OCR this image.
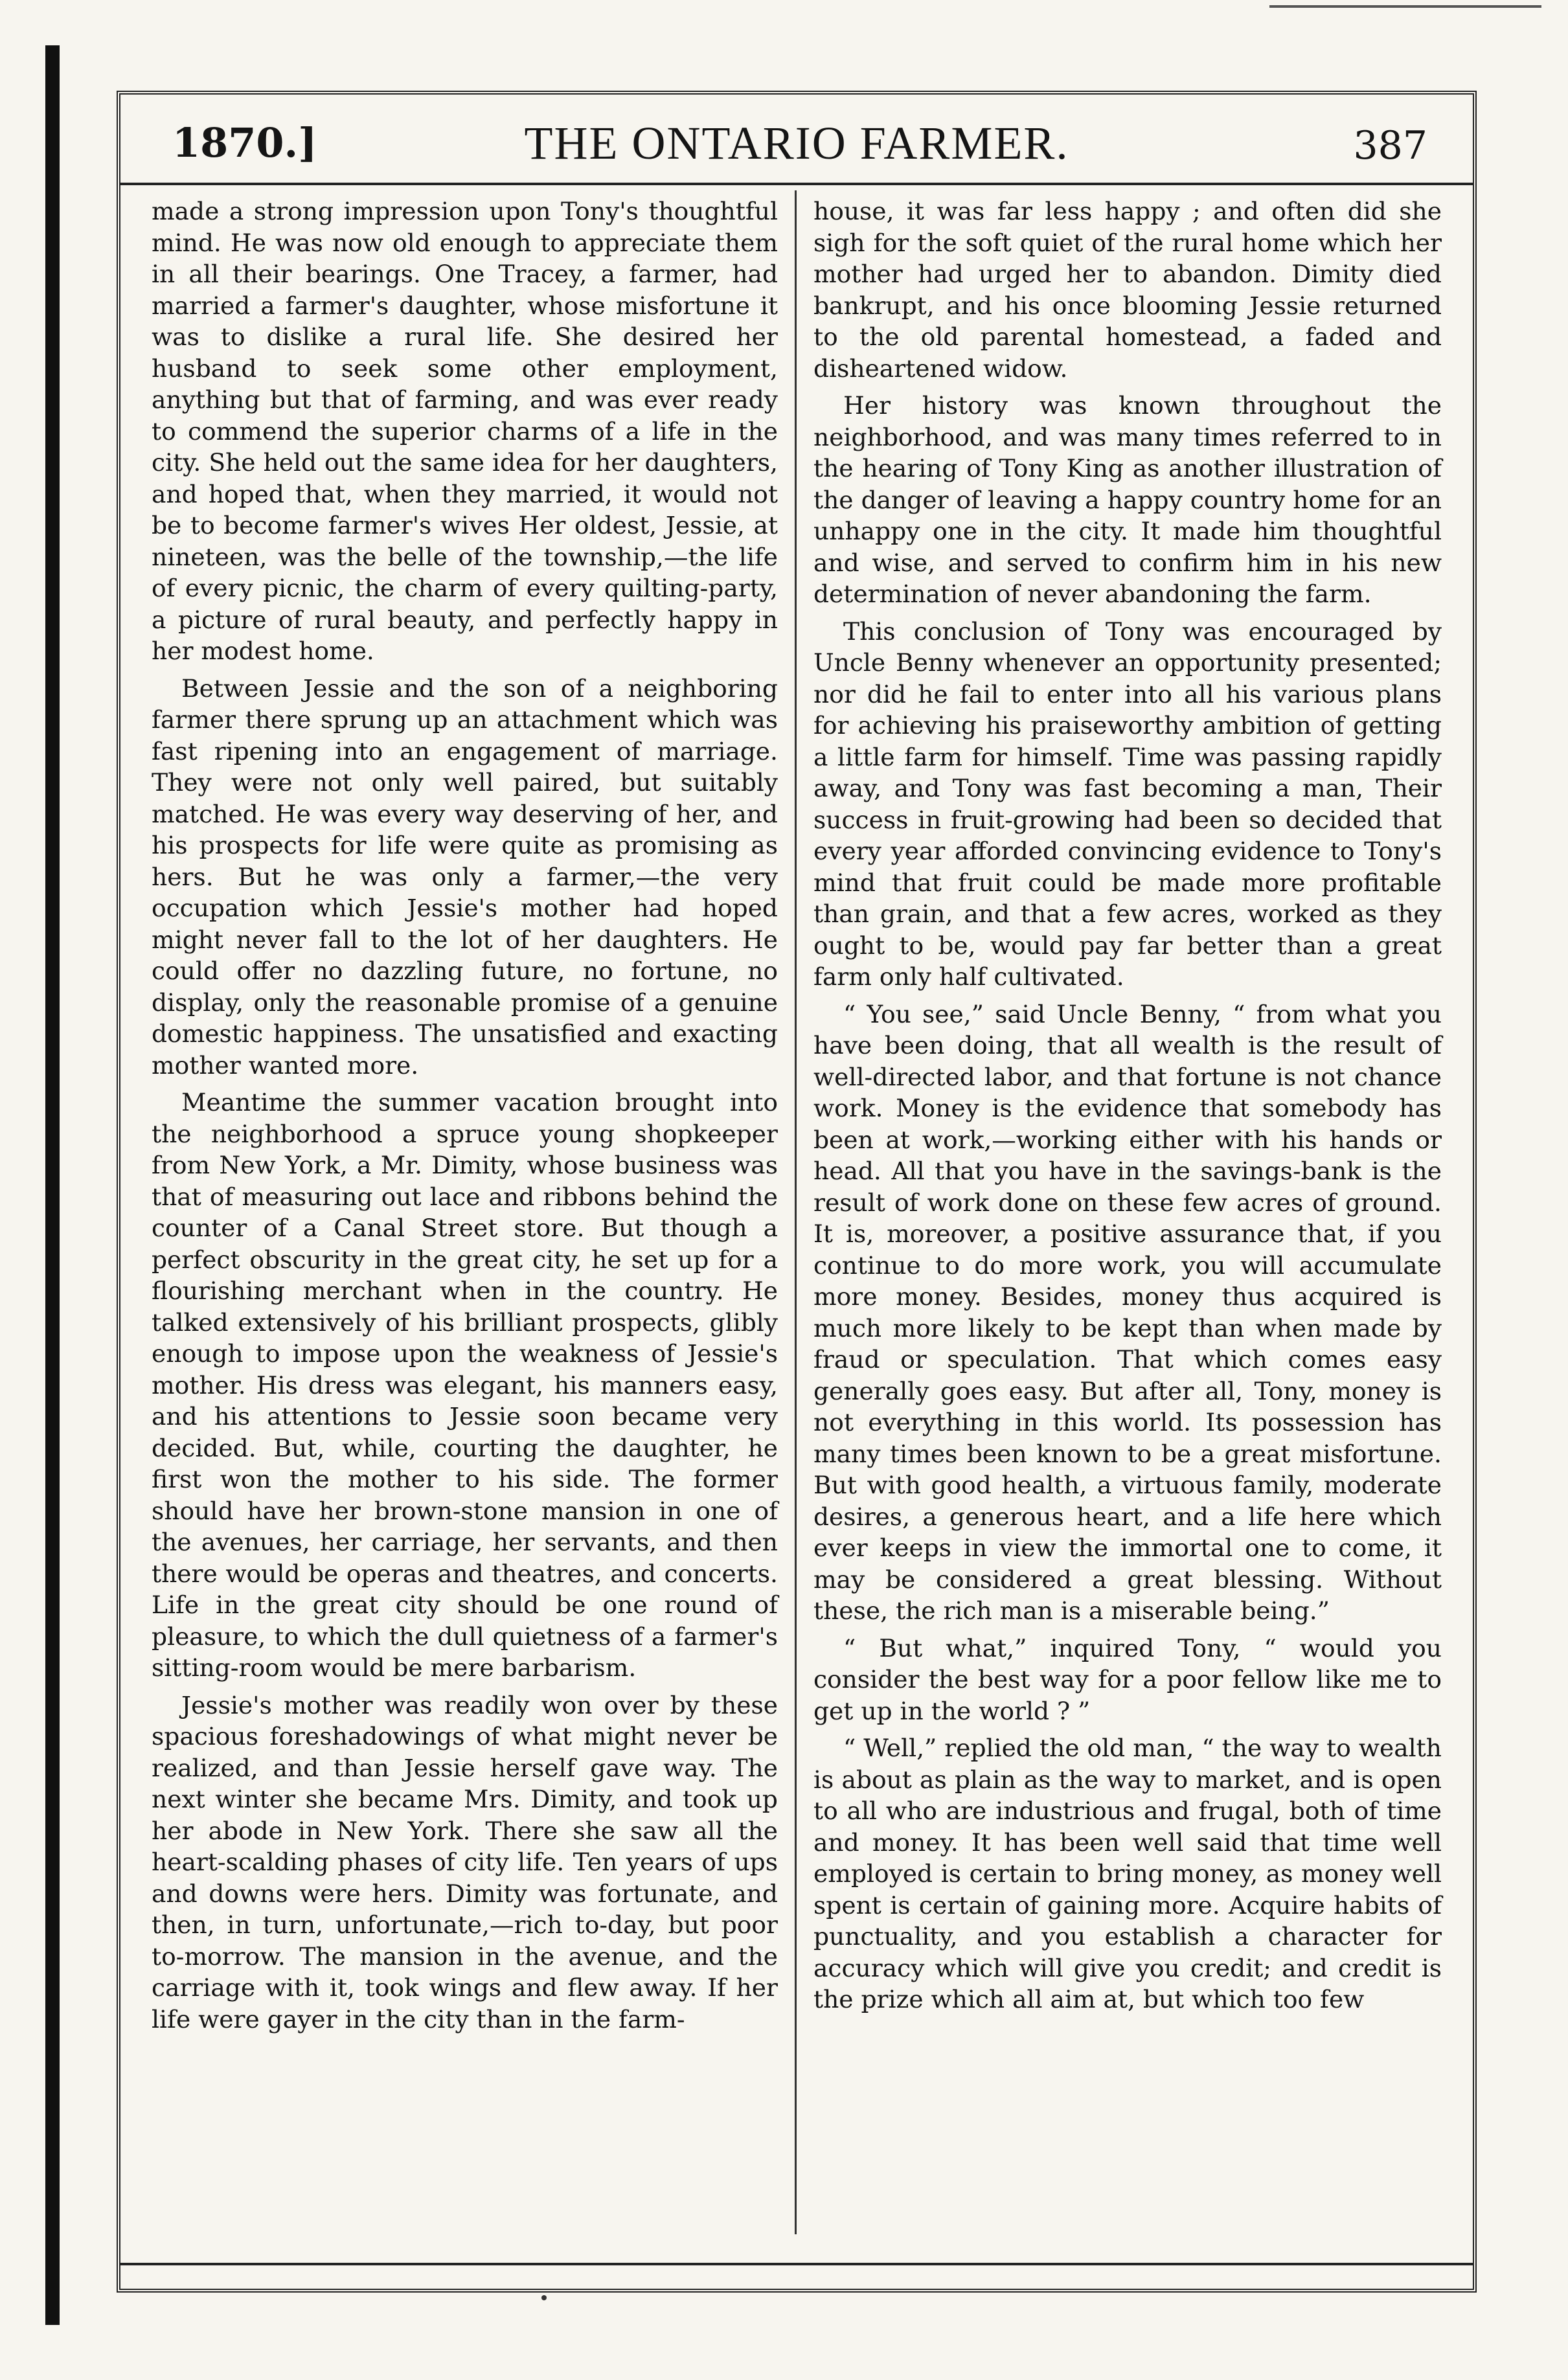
1870.]	THE ONTARIO FARMER.	387

made a strong impression upon Tony's thoughtful mind. He was now old enough to appreciate them in all their bearings. One Tracey, a farmer, had married a farmer's daughter, whose misfortune it was to dislike a rural life. She desired her husband to seek some other employment, anything but that of farming, and was ever ready to commend the superior charms of a life in the city. She held out the same idea for her daughters, and hoped that, when they married, it would not be to become farmer's wives Her oldest, Jessie, at nineteen, was the belle of the township,—the life of every picnic, the charm of every quilting-party, a picture of rural beauty, and perfectly happy in her modest home.

Between Jessie and the son of a neighboring farmer there sprung up an attachment which was fast ripening into an engagement of marriage. They were not only well paired, but suitably matched. He was every way deserving of her, and his prospects for life were quite as promising as hers. But he was only a farmer,—the very occupation which Jessie's mother had hoped might never fall to the lot of her daughters. He could offer no dazzling future, no fortune, no display, only the reasonable promise of a genuine domestic happiness. The unsatisfied and exacting mother wanted more.

Meantime the summer vacation brought into the neighborhood a spruce young shopkeeper from New York, a Mr. Dimity, whose business was that of measuring out lace and ribbons behind the counter of a Canal Street store. But though a perfect obscurity in the great city, he set up for a flourishing merchant when in the country. He talked extensively of his brilliant prospects, glibly enough to impose upon the weakness of Jessie's mother. His dress was elegant, his manners easy, and his attentions to Jessie soon became very decided. But, while, courting the daughter, he first won the mother to his side. The former should have her brown-stone mansion in one of the avenues, her carriage, her servants, and then there would be operas and theatres, and concerts. Life in the great city should be one round of pleasure, to which the dull quietness of a farmer's sitting-room would be mere barbarism.

Jessie's mother was readily won over by these spacious foreshadowings of what might never be realized, and than Jessie herself gave way. The next winter she became Mrs. Dimity, and took up her abode in New York. There she saw all the heart-scalding phases of city life. Ten years of ups and downs were hers. Dimity was fortunate, and then, in turn, unfortunate,—rich to-day, but poor to-morrow. The mansion in the avenue, and the carriage with it, took wings and flew away. If her life were gayer in the city than in the farm-

house, it was far less happy ; and often did she sigh for the soft quiet of the rural home which her mother had urged her to abandon. Dimity died bankrupt, and his once blooming Jessie returned to the old parental homestead, a faded and disheartened widow.

Her history was known throughout the neighborhood, and was many times referred to in the hearing of Tony King as another illustration of the danger of leaving a happy country home for an unhappy one in the city. It made him thoughtful and wise, and served to confirm him in his new determination of never abandoning the farm.

This conclusion of Tony was encouraged by Uncle Benny whenever an opportunity presented; nor did he fail to enter into all his various plans for achieving his praiseworthy ambition of getting a little farm for himself. Time was passing rapidly away, and Tony was fast becoming a man, Their success in fruit-growing had been so decided that every year afforded convincing evidence to Tony's mind that fruit could be made more profitable than grain, and that a few acres, worked as they ought to be, would pay far better than a great farm only half cultivated.

“ You see,” said Uncle Benny, “ from what you have been doing, that all wealth is the result of well-directed labor, and that fortune is not chance work. Money is the evidence that somebody has been at work,—working either with his hands or head. All that you have in the savings-bank is the result of work done on these few acres of ground. It is, moreover, a positive assurance that, if you continue to do more work, you will accumulate more money. Besides, money thus acquired is much more likely to be kept than when made by fraud or speculation. That which comes easy generally goes easy. But after all, Tony, money is not everything in this world. Its possession has many times been known to be a great misfortune. But with good health, a virtuous family, moderate desires, a generous heart, and a life here which ever keeps in view the immortal one to come, it may be considered a great blessing. Without these, the rich man is a miserable being.”

“ But what,” inquired Tony, “ would you consider the best way for a poor fellow like me to get up in the world ? ”

“ Well,” replied the old man, “ the way to wealth is about as plain as the way to market, and is open to all who are industrious and frugal, both of time and money. It has been well said that time well employed is certain to bring money, as money well spent is certain of gaining more. Acquire habits of punctuality, and you establish a character for accuracy which will give you credit; and credit is the prize which all aim at, but which too few
